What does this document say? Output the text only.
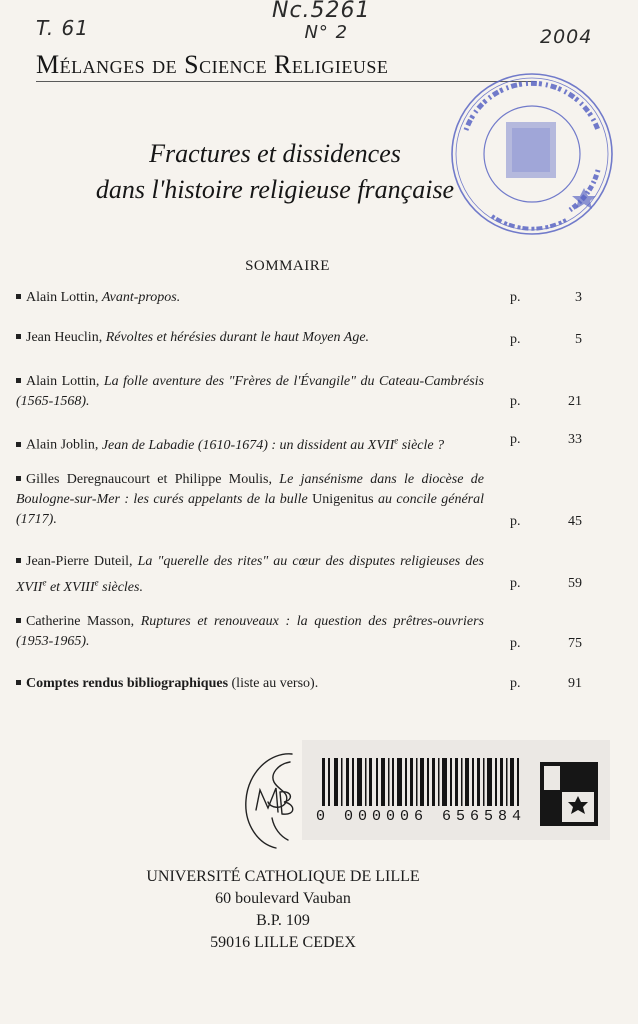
T. 61
Nc.5261
N° 2	2004
Mélanges de Science Religieuse
Fractures et dissidences
dans l'histoire religieuse française
SOMMAIRE
Alain Lottin, Avant-propos.	p.	3
Jean Heuclin, Révoltes et hérésies durant le haut Moyen Age.	p.	5
Alain Lottin, La folle aventure des "Frères de l'Évangile" du Cateau-Cambrésis (1565-1568).	p.	21
Alain Joblin, Jean de Labadie (1610-1674) : un dissident au XVIIe siècle ?	p.	33
Gilles Deregnaucourt et Philippe Moulis, Le jansénisme dans le diocèse de Boulogne-sur-Mer : les curés appelants de la bulle Unigenitus au concile général (1717).	p.	45
Jean-Pierre Duteil, La "querelle des rites" au cœur des disputes religieuses des XVIIe et XVIIIe siècles.	p.	59
Catherine Masson, Ruptures et renouveaux : la question des prêtres-ouvriers (1953-1965).	p.	75
Comptes rendus bibliographiques (liste au verso).	p.	91
0 000006 656584
UNIVERSITÉ CATHOLIQUE DE LILLE
60 boulevard Vauban
B.P. 109
59016 LILLE CEDEX
